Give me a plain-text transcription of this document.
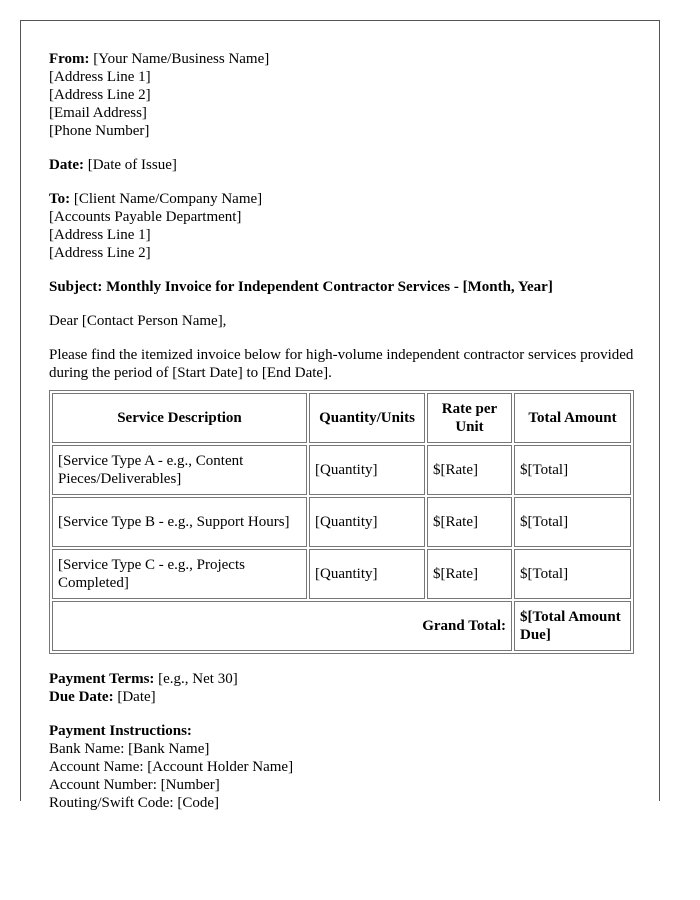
From: [Your Name/Business Name]
[Address Line 1]
[Address Line 2]
[Email Address]
[Phone Number]

Date: [Date of Issue]

To: [Client Name/Company Name]
[Accounts Payable Department]
[Address Line 1]
[Address Line 2]

Subject: Monthly Invoice for Independent Contractor Services - [Month, Year]

Dear [Contact Person Name],

Please find the itemized invoice below for high-volume independent contractor services provided during the period of [Start Date] to [End Date].

Service Description	Quantity/Units	Rate per Unit	Total Amount
[Service Type A - e.g., Content Pieces/Deliverables]	[Quantity]	$[Rate]	$[Total]
[Service Type B - e.g., Support Hours]	[Quantity]	$[Rate]	$[Total]
[Service Type C - e.g., Projects Completed]	[Quantity]	$[Rate]	$[Total]
Grand Total:			$[Total Amount Due]

Payment Terms: [e.g., Net 30]
Due Date: [Date]

Payment Instructions:
Bank Name: [Bank Name]
Account Name: [Account Holder Name]
Account Number: [Number]
Routing/Swift Code: [Code]
